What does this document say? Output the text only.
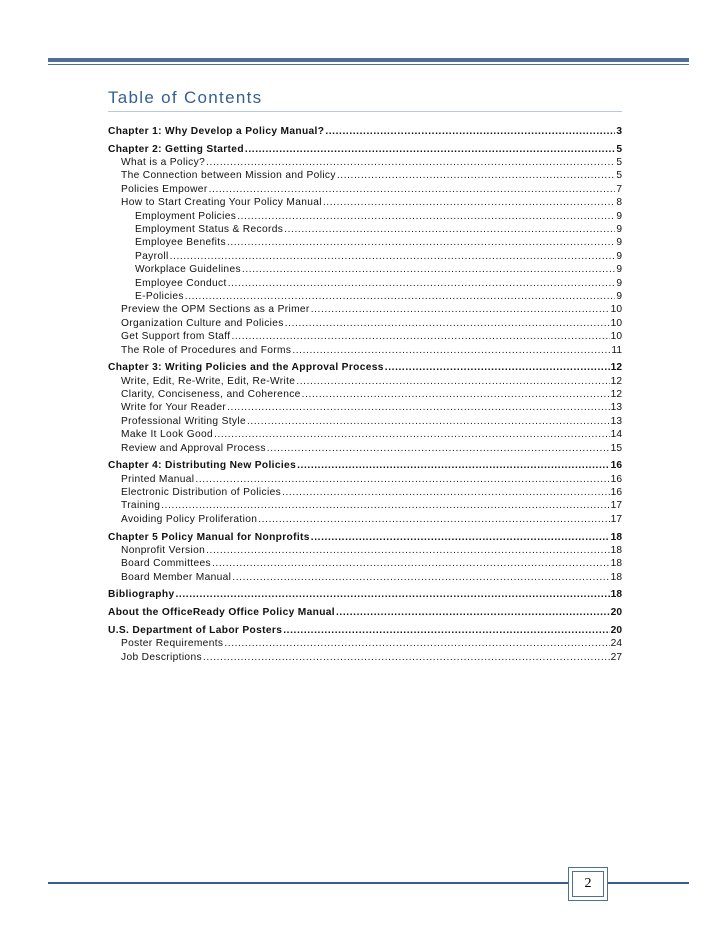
Table of Contents
Chapter 1: Why Develop a Policy Manual? .....	3
Chapter 2: Getting Started .....	5
What is a Policy? .....	5
The Connection between Mission and Policy .....	5
Policies Empower .....	7
How to Start Creating Your Policy Manual .....	8
Employment Policies .....	9
Employment Status & Records .....	9
Employee Benefits .....	9
Payroll .....	9
Workplace Guidelines .....	9
Employee Conduct .....	9
E-Policies .....	9
Preview the OPM Sections as a Primer .....	10
Organization Culture and Policies .....	10
Get Support from Staff .....	10
The Role of Procedures and Forms .....	11
Chapter 3: Writing Policies and the Approval Process .....	12
Write, Edit, Re-Write, Edit, Re-Write .....	12
Clarity, Conciseness, and Coherence .....	12
Write for Your Reader .....	13
Professional Writing Style .....	13
Make It Look Good .....	14
Review and Approval Process .....	15
Chapter 4: Distributing New Policies .....	16
Printed Manual .....	16
Electronic Distribution of Policies .....	16
Training .....	17
Avoiding Policy Proliferation .....	17
Chapter 5 Policy Manual for Nonprofits .....	18
Nonprofit Version .....	18
Board Committees .....	18
Board Member Manual .....	18
Bibliography .....	18
About the OfficeReady Office Policy Manual .....	20
U.S. Department of Labor Posters .....	20
Poster Requirements .....	24
Job Descriptions .....	27
2
